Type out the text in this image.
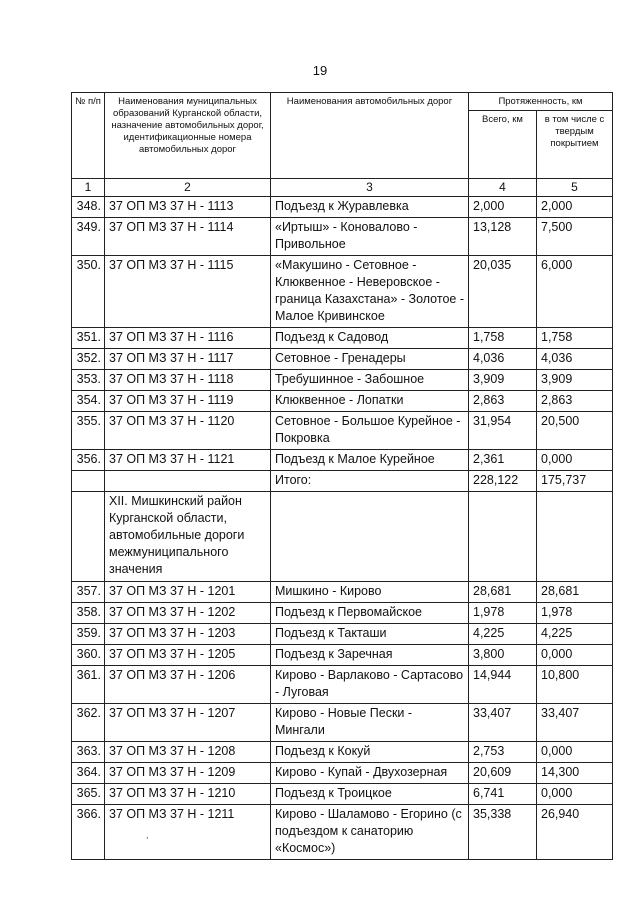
19
№ п/п	Наименования муниципальных образований Курганской области, назначение автомобильных дорог, идентификационные номера автомобильных дорог	Наименования автомобильных дорог	Протяженность, км	
			Всего, км	в том числе с твердым покрытием
1	2	3	4	5
348.	37 ОП МЗ 37 Н - 1113	Подъезд к Журавлевка	2,000	2,000
349.	37 ОП МЗ 37 Н - 1114	«Иртыш» - Коновалово - Привольное	13,128	7,500
350.	37 ОП МЗ 37 Н - 1115	«Макушино - Сетовное - Клюквенное - Неверовское - граница Казахстана» - Золотое - Малое Кривинское	20,035	6,000
351.	37 ОП МЗ 37 Н - 1116	Подъезд к Садовод	1,758	1,758
352.	37 ОП МЗ 37 Н - 1117	Сетовное - Гренадеры	4,036	4,036
353.	37 ОП МЗ 37 Н - 1118	Требушинное - Забошное	3,909	3,909
354.	37 ОП МЗ 37 Н - 1119	Клюквенное - Лопатки	2,863	2,863
355.	37 ОП МЗ 37 Н - 1120	Сетовное - Большое Курейное - Покровка	31,954	20,500
356.	37 ОП МЗ 37 Н - 1121	Подъезд к Малое Курейное	2,361	0,000
		Итого:	228,122	175,737
	XII. Мишкинский район Курганской области, автомобильные дороги межмуниципального значения			
357.	37 ОП МЗ 37 Н - 1201	Мишкино - Кирово	28,681	28,681
358.	37 ОП МЗ 37 Н - 1202	Подъезд к Первомайское	1,978	1,978
359.	37 ОП МЗ 37 Н - 1203	Подъезд к Такташи	4,225	4,225
360.	37 ОП МЗ 37 Н - 1205	Подъезд к Заречная	3,800	0,000
361.	37 ОП МЗ 37 Н - 1206	Кирово - Варлаково - Сартасово - Луговая	14,944	10,800
362.	37 ОП МЗ 37 Н - 1207	Кирово - Новые Пески - Мингали	33,407	33,407
363.	37 ОП МЗ 37 Н - 1208	Подъезд к Кокуй	2,753	0,000
364.	37 ОП МЗ 37 Н - 1209	Кирово - Купай - Двухозерная	20,609	14,300
365.	37 ОП МЗ 37 Н - 1210	Подъезд к Троицкое	6,741	0,000
366.	37 ОП МЗ 37 Н - 1211	Кирово - Шаламово - Егорино (с подъездом к санаторию «Космос»)	35,338	26,940
,
